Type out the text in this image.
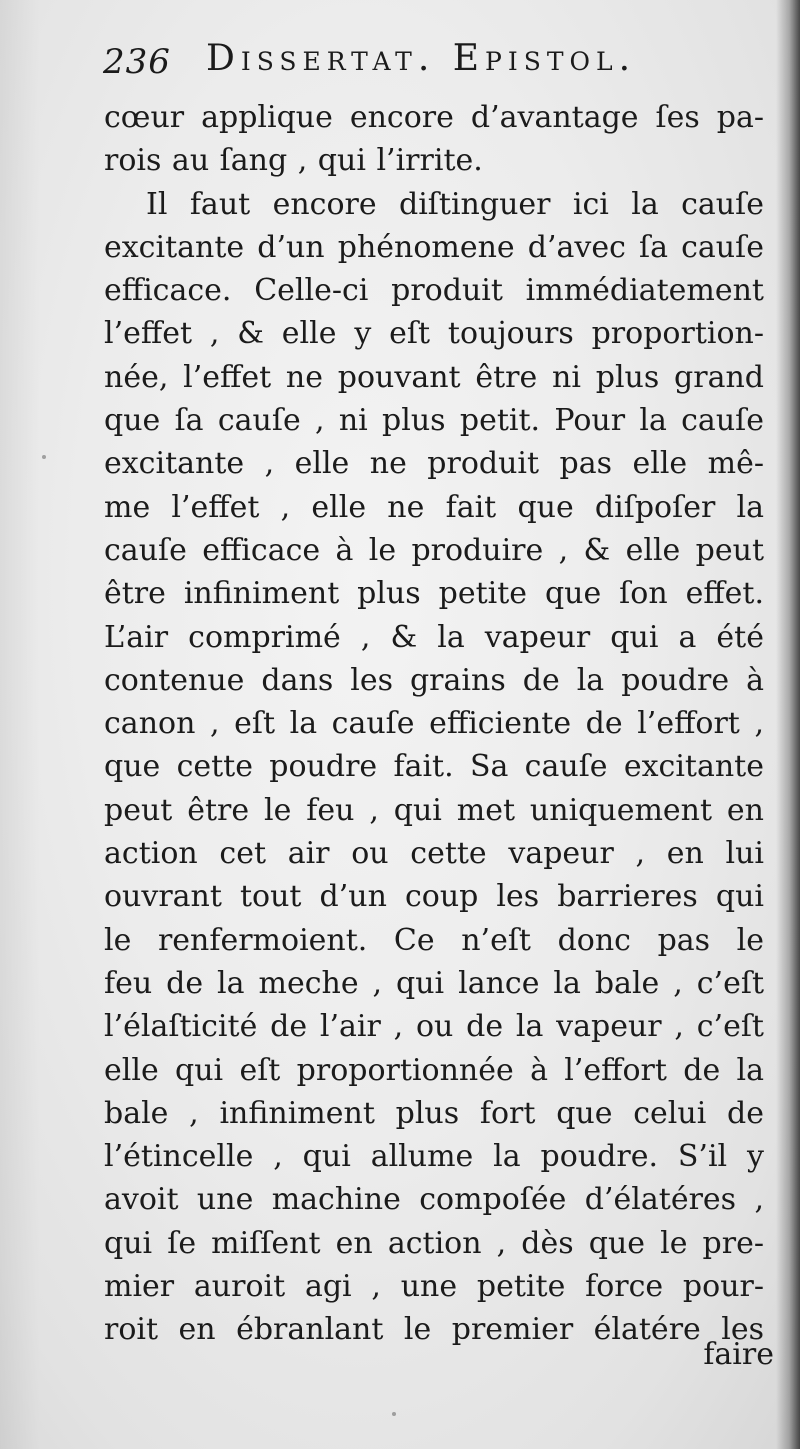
236 Dissertat. Epistol.
cœur applique encore d’avantage ſes pa-
rois au ſang , qui l’irrite.
Il faut encore diſtinguer ici la cauſe
excitante d’un phénomene d’avec ſa cauſe
efficace. Celle-ci produit immédiatement
l’effet , & elle y eſt toujours proportion-
née, l’effet ne pouvant être ni plus grand
que ſa cauſe , ni plus petit. Pour la cauſe
excitante , elle ne produit pas elle mê-
me l’effet , elle ne fait que diſpoſer la
cauſe efficace à le produire , & elle peut
être infiniment plus petite que ſon effet.
L’air comprimé , & la vapeur qui a été
contenue dans les grains de la poudre à
canon , eſt la cauſe efficiente de l’effort ,
que cette poudre fait. Sa cauſe excitante
peut être le feu , qui met uniquement en
action cet air ou cette vapeur , en lui
ouvrant tout d’un coup les barrieres qui
le renfermoient. Ce n’eſt donc pas le
feu de la meche , qui lance la bale , c’eſt
l’élaſticité de l’air , ou de la vapeur , c’eſt
elle qui eſt proportionnée à l’effort de la
bale , infiniment plus fort que celui de
l’étincelle , qui allume la poudre. S’il y
avoit une machine compoſée d’élatéres ,
qui ſe miſſent en action , dès que le pre-
mier auroit agi , une petite force pour-
roit en ébranlant le premier élatére les
faire
